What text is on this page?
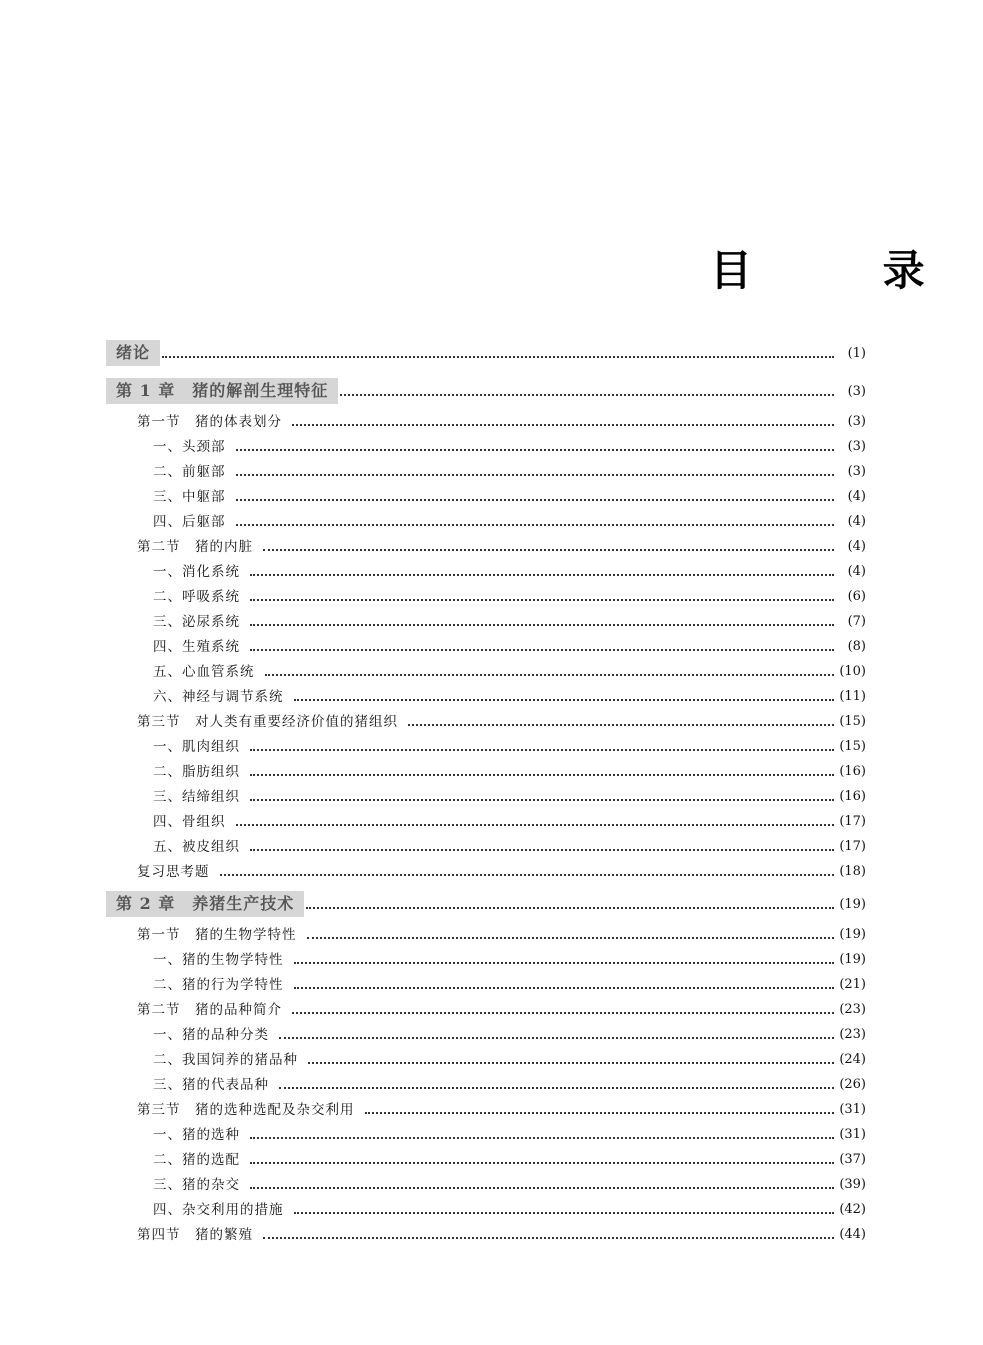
目 录
绪论	(1)
第 1 章　猪的解剖生理特征	(3)
第一节　猪的体表划分	(3)
一、头颈部	(3)
二、前躯部	(3)
三、中躯部	(4)
四、后躯部	(4)
第二节　猪的内脏	(4)
一、消化系统	(4)
二、呼吸系统	(6)
三、泌尿系统	(7)
四、生殖系统	(8)
五、心血管系统	(10)
六、神经与调节系统	(11)
第三节　对人类有重要经济价值的猪组织	(15)
一、肌肉组织	(15)
二、脂肪组织	(16)
三、结缔组织	(16)
四、骨组织	(17)
五、被皮组织	(17)
复习思考题	(18)
第 2 章　养猪生产技术	(19)
第一节　猪的生物学特性	(19)
一、猪的生物学特性	(19)
二、猪的行为学特性	(21)
第二节　猪的品种简介	(23)
一、猪的品种分类	(23)
二、我国饲养的猪品种	(24)
三、猪的代表品种	(26)
第三节　猪的选种选配及杂交利用	(31)
一、猪的选种	(31)
二、猪的选配	(37)
三、猪的杂交	(39)
四、杂交利用的措施	(42)
第四节　猪的繁殖	(44)
